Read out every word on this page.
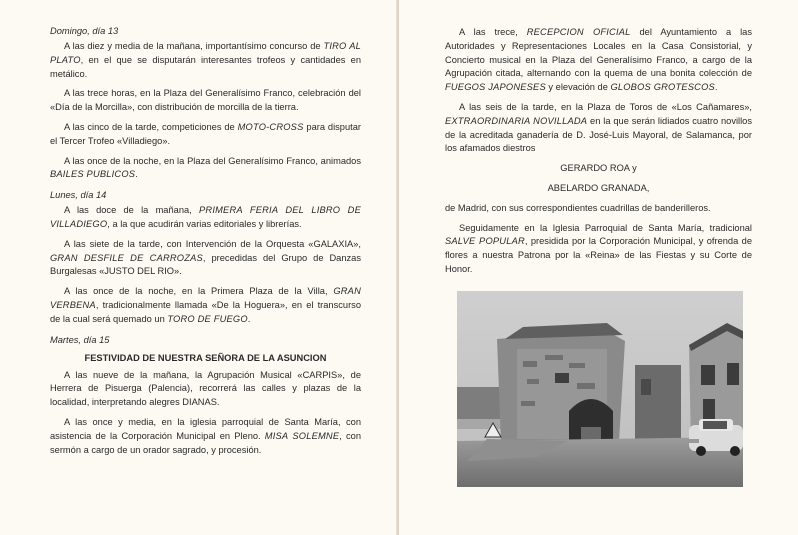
Domingo, día 13

A las diez y media de la mañana, importantísimo concurso de TIRO AL PLATO, en el que se disputarán interesantes trofeos y cantidades en metálico.

A las trece horas, en la Plaza del Generalísimo Franco, celebración del «Día de la Morcilla», con distribución de morcilla de la tierra.

A las cinco de la tarde, competiciones de MOTO-CROSS para disputar el Tercer Trofeo «Villadiego».

A las once de la noche, en la Plaza del Generalísimo Franco, animados BAILES PUBLICOS.

Lunes, día 14

A las doce de la mañana, PRIMERA FERIA DEL LIBRO DE VILLADIEGO, a la que acudirán varias editoriales y librerías.

A las siete de la tarde, con Intervención de la Orquesta «GALAXIA», GRAN DESFILE DE CARROZAS, precedidas del Grupo de Danzas Burgalesas «JUSTO DEL RIO».

A las once de la noche, en la Primera Plaza de la Villa, GRAN VERBENA, tradicionalmente llamada «De la Hoguera», en el transcurso de la cual será quemado un TORO DE FUEGO.

Martes, día 15
FESTIVIDAD DE NUESTRA SEÑORA DE LA ASUNCION

A las nueve de la mañana, la Agrupación Musical «CARPIS», de Herrera de Pisuerga (Palencia), recorrerá las calles y plazas de la localidad, interpretando alegres DIANAS.

A las once y media, en la iglesia parroquial de Santa María, con asistencia de la Corporación Municipal en Pleno. MISA SOLEMNE, con sermón a cargo de un orador sagrado, y procesión.

A las trece, RECEPCION OFICIAL del Ayuntamiento a las Autoridades y Representaciones Locales en la Casa Consistorial, y Concierto musical en la Plaza del Generalísimo Franco, a cargo de la Agrupación citada, alternando con la quema de una bonita colección de FUEGOS JAPONESES y elevación de GLOBOS GROTESCOS.

A las seis de la tarde, en la Plaza de Toros de «Los Cañamares», EXTRAORDINARIA NOVILLADA en la que serán lidiados cuatro novillos de la acreditada ganadería de D. José-Luis Mayoral, de Salamanca, por los afamados diestros

GERARDO ROA y
ABELARDO GRANADA,

de Madrid, con sus correspondientes cuadrillas de banderilleros.

Seguidamente en la Iglesia Parroquial de Santa María, tradicional SALVE POPULAR, presidida por la Corporación Municipal, y ofrenda de flores a nuestra Patrona por la «Reina» de las Fiestas y su Corte de Honor.
